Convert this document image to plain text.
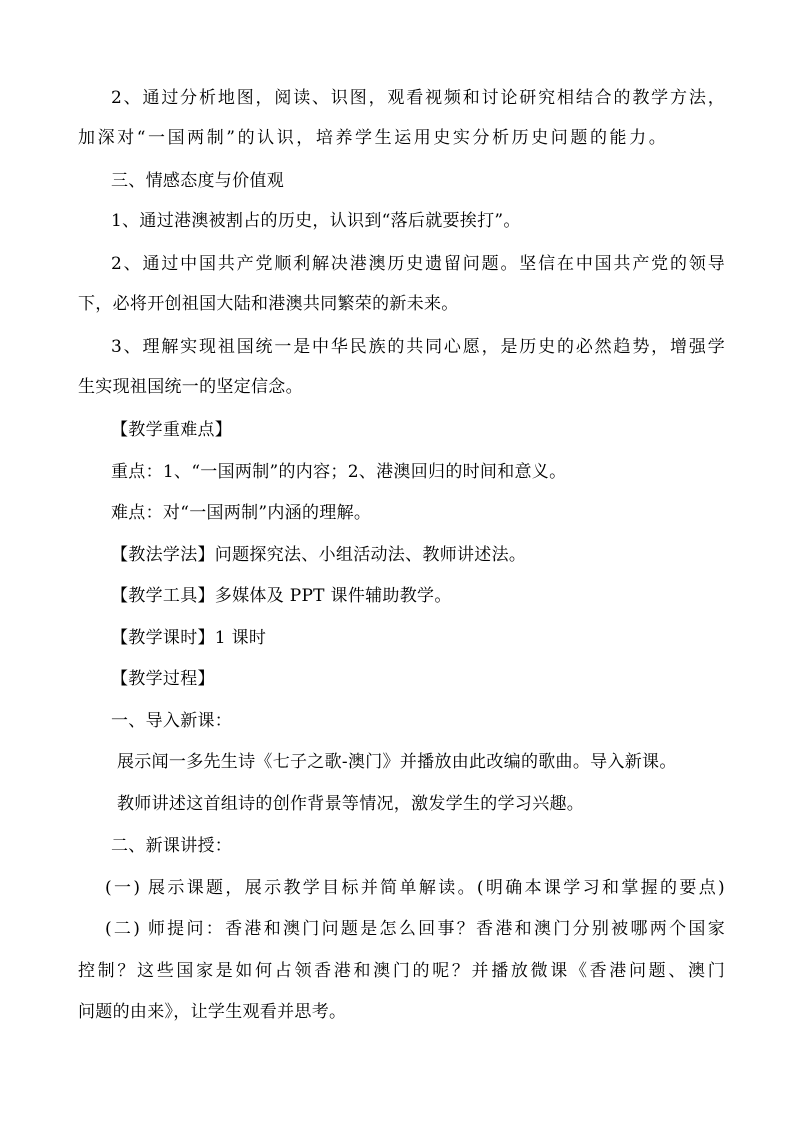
2、通过分析地图，阅读、识图，观看视频和讨论研究相结合的教学方法，
加深对“一国两制”的认识，培养学生运用史实分析历史问题的能力。
三、情感态度与价值观
1、通过港澳被割占的历史，认识到“落后就要挨打”。
2、通过中国共产党顺利解决港澳历史遗留问题。坚信在中国共产党的领导
下，必将开创祖国大陆和港澳共同繁荣的新未来。
3、理解实现祖国统一是中华民族的共同心愿，是历史的必然趋势，增强学
生实现祖国统一的坚定信念。
【教学重难点】
重点：1、“一国两制”的内容；2、港澳回归的时间和意义。
难点：对“一国两制”内涵的理解。
【教法学法】问题探究法、小组活动法、教师讲述法。
【教学工具】多媒体及 PPT 课件辅助教学。
【教学课时】1 课时
【教学过程】
一、导入新课：
展示闻一多先生诗《七子之歌-澳门》并播放由此改编的歌曲。导入新课。
教师讲述这首组诗的创作背景等情况，激发学生的学习兴趣。
二、新课讲授：
(一) 展示课题，展示教学目标并简单解读。(明确本课学习和掌握的要点)
(二) 师提问：香港和澳门问题是怎么回事？香港和澳门分别被哪两个国家
控制？这些国家是如何占领香港和澳门的呢？并播放微课《香港问题、澳门
问题的由来》，让学生观看并思考。
